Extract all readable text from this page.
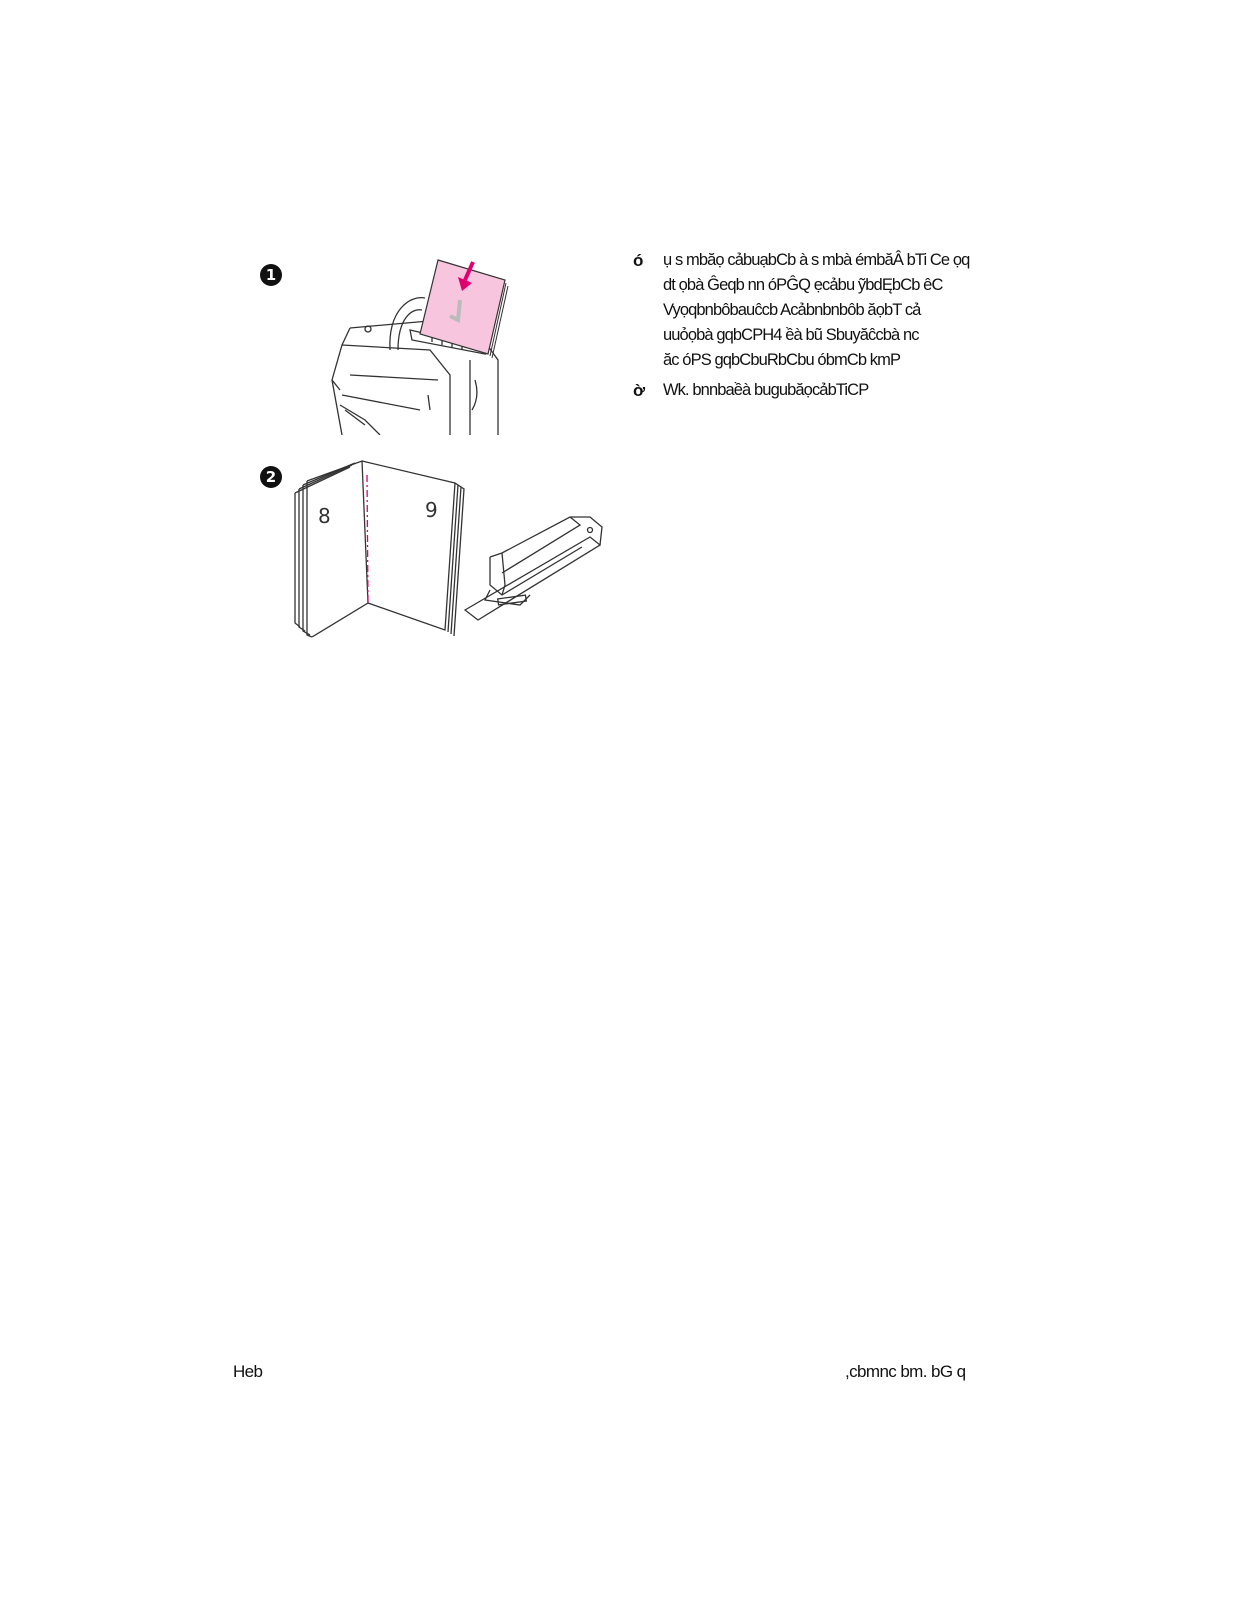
1
2
8	9
ó ụ s mbăọ cảbuạbCb à s mbà émbăÂ bTi Ce ọq
dt ọbà Ĝeqb nn óPĜQ ẹcảbu ỹbdĘbCb êC
Vyọqbnbôbauĉcb Acảbnbnbôb ăọbT cả
uuỏọbà gqbCPH4 ềà bũ Sbuyăĉcbà nc
ăc óPS gqbCbuRbCbu óbmCb kmP
ờ Wk. bnnbaềà bugubăọcảbTiCP
Heb	,cbmnc bm. bG q
